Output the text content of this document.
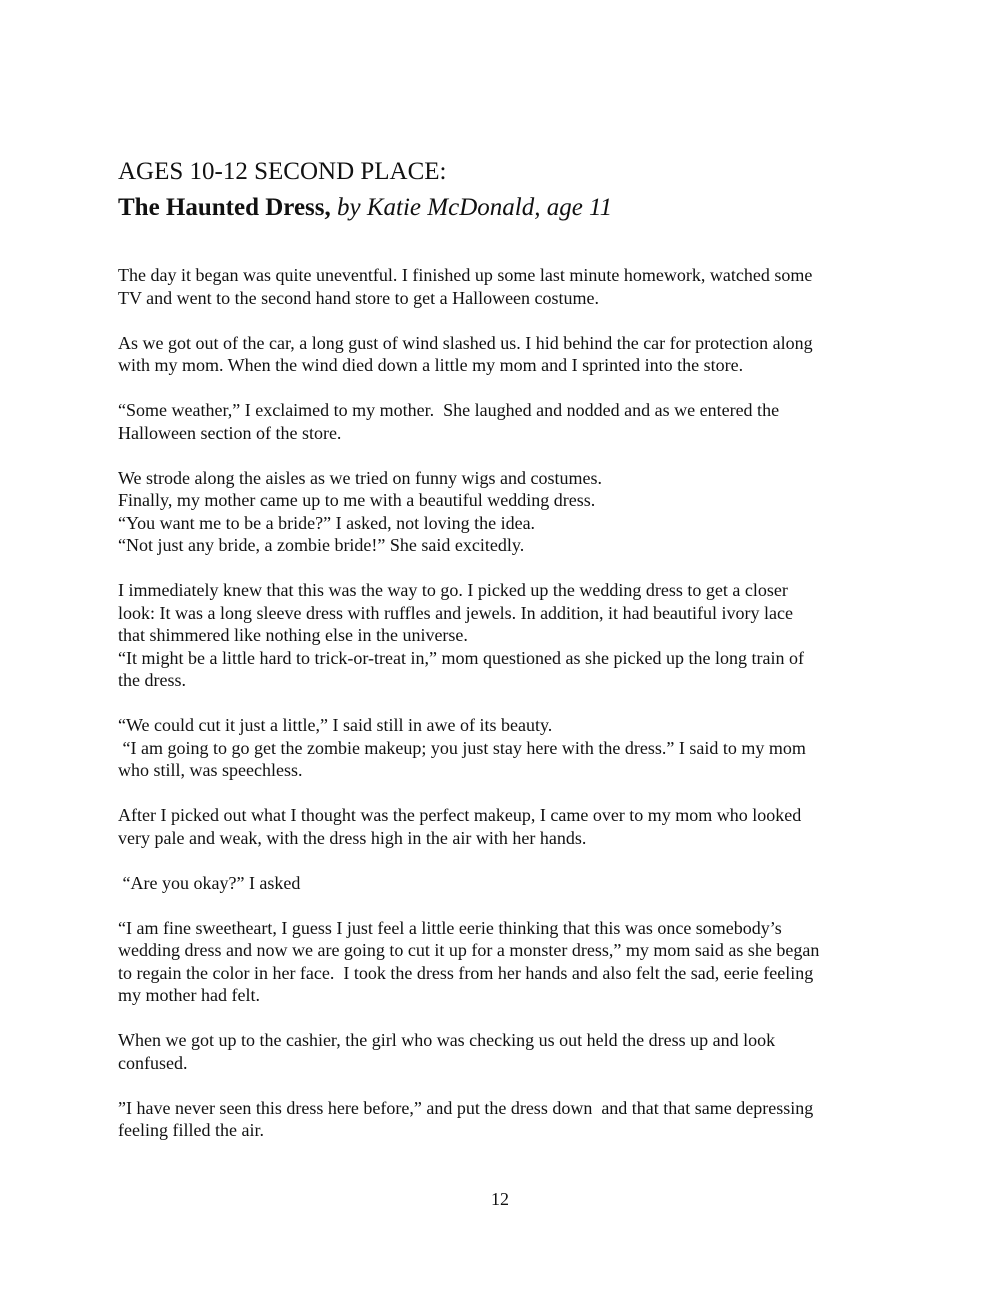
AGES 10-12 SECOND PLACE:
The Haunted Dress, by Katie McDonald, age 11
The day it began was quite uneventful. I finished up some last minute homework, watched some
TV and went to the second hand store to get a Halloween costume.
As we got out of the car, a long gust of wind slashed us. I hid behind the car for protection along
with my mom. When the wind died down a little my mom and I sprinted into the store.
“Some weather,” I exclaimed to my mother.  She laughed and nodded and as we entered the
Halloween section of the store.
We strode along the aisles as we tried on funny wigs and costumes.
Finally, my mother came up to me with a beautiful wedding dress.
“You want me to be a bride?” I asked, not loving the idea.
“Not just any bride, a zombie bride!” She said excitedly.
I immediately knew that this was the way to go. I picked up the wedding dress to get a closer
look: It was a long sleeve dress with ruffles and jewels. In addition, it had beautiful ivory lace
that shimmered like nothing else in the universe.
“It might be a little hard to trick-or-treat in,” mom questioned as she picked up the long train of
the dress.
“We could cut it just a little,” I said still in awe of its beauty.
“I am going to go get the zombie makeup; you just stay here with the dress.” I said to my mom
who still, was speechless.
After I picked out what I thought was the perfect makeup, I came over to my mom who looked
very pale and weak, with the dress high in the air with her hands.
“Are you okay?” I asked
“I am fine sweetheart, I guess I just feel a little eerie thinking that this was once somebody’s
wedding dress and now we are going to cut it up for a monster dress,” my mom said as she began
to regain the color in her face.  I took the dress from her hands and also felt the sad, eerie feeling
my mother had felt.
When we got up to the cashier, the girl who was checking us out held the dress up and look
confused.
”I have never seen this dress here before,” and put the dress down  and that that same depressing
feeling filled the air.
12
